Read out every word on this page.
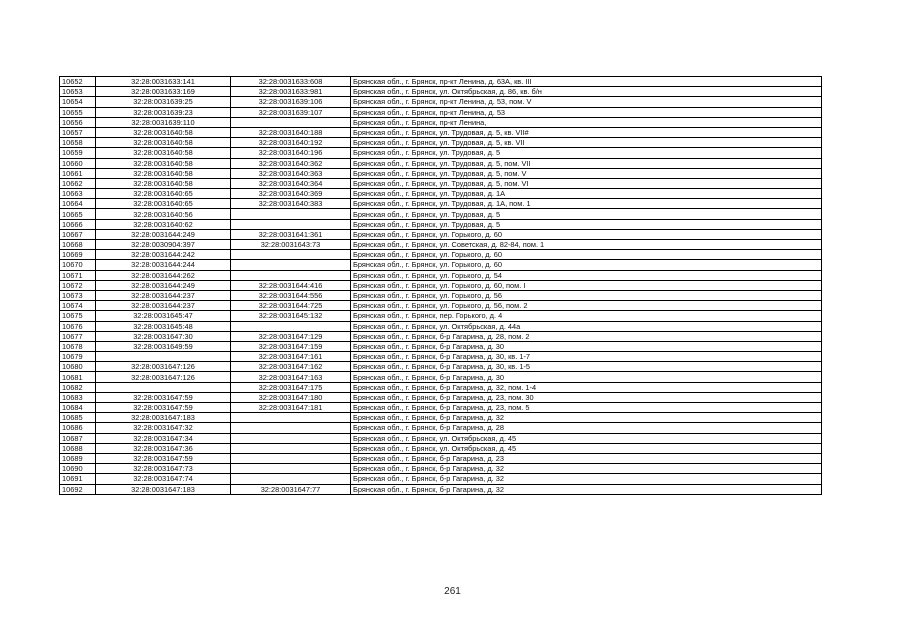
10652	32:28:0031633:141	32:28:0031633:608	Брянская обл., г. Брянск, пр-кт Ленина, д. 63А, кв. III
10653	32:28:0031633:169	32:28:0031633:981	Брянская обл., г. Брянск, ул. Октябрьская, д. 86, кв. б/н
10654	32:28:0031639:25	32:28:0031639:106	Брянская обл., г. Брянск, пр-кт Ленина, д. 53, пом. V
10655	32:28:0031639:23	32:28:0031639:107	Брянская обл., г. Брянск, пр-кт Ленина, д. 53
10656	32:28:0031639:110		Брянская обл., г. Брянск, пр-кт Ленина,
10657	32:28:0031640:58	32:28:0031640:188	Брянская обл., г. Брянск, ул. Трудовая, д. 5, кв. VII#
10658	32:28:0031640:58	32:28:0031640:192	Брянская обл., г. Брянск, ул. Трудовая, д. 5, кв. VII
10659	32:28:0031640:58	32:28:0031640:196	Брянская обл., г. Брянск, ул. Трудовая, д. 5
10660	32:28:0031640:58	32:28:0031640:362	Брянская обл., г. Брянск, ул. Трудовая, д. 5, пом. VII
10661	32:28:0031640:58	32:28:0031640:363	Брянская обл., г. Брянск, ул. Трудовая, д. 5, пом. V
10662	32:28:0031640:58	32:28:0031640:364	Брянская обл., г. Брянск, ул. Трудовая, д. 5, пом. VI
10663	32:28:0031640:65	32:28:0031640:369	Брянская обл., г. Брянск, ул. Трудовая, д. 1А
10664	32:28:0031640:65	32:28:0031640:383	Брянская обл., г. Брянск, ул. Трудовая, д. 1А, пом. 1
10665	32:28:0031640:56		Брянская обл., г. Брянск, ул. Трудовая, д. 5
10666	32:28:0031640:62		Брянская обл., г. Брянск, ул. Трудовая, д. 5
10667	32:28:0031644:249	32:28:0031641:361	Брянская обл., г. Брянск, ул. Горького, д. 60
10668	32:28:0030904:397	32:28:0031643:73	Брянская обл., г. Брянск, ул. Советская, д. 82-84, пом. 1
10669	32:28:0031644:242		Брянская обл., г. Брянск, ул. Горького, д. 60
10670	32:28:0031644:244		Брянская обл., г. Брянск, ул. Горького, д. 60
10671	32:28:0031644:262		Брянская обл., г. Брянск, ул. Горького, д. 54
10672	32:28:0031644:249	32:28:0031644:416	Брянская обл., г. Брянск, ул. Горького, д. 60, пом. I
10673	32:28:0031644:237	32:28:0031644:556	Брянская обл., г. Брянск, ул. Горького, д. 56
10674	32:28:0031644:237	32:28:0031644:725	Брянская обл., г. Брянск, ул. Горького, д. 56, пом. 2
10675	32:28:0031645:47	32:28:0031645:132	Брянская обл., г. Брянск, пер. Горького, д. 4
10676	32:28:0031645:48		Брянская обл., г. Брянск, ул. Октябрьская, д. 44а
10677	32:28:0031647:30	32:28:0031647:129	Брянская обл., г. Брянск, б-р Гагарина, д. 28, пом. 2
10678	32:28:0031649:59	32:28:0031647:159	Брянская обл., г. Брянск, б-р Гагарина, д. 30
10679		32:28:0031647:161	Брянская обл., г. Брянск, б-р Гагарина, д. 30, кв. 1-7
10680	32:28:0031647:126	32:28:0031647:162	Брянская обл., г. Брянск, б-р Гагарина, д. 30, кв. 1-5
10681	32:28:0031647:126	32:28:0031647:163	Брянская обл., г. Брянск, б-р Гагарина, д. 30
10682		32:28:0031647:175	Брянская обл., г. Брянск, б-р Гагарина, д. 32, пом. 1-4
10683	32:28:0031647:59	32:28:0031647:180	Брянская обл., г. Брянск, б-р Гагарина, д. 23, пом. 30
10684	32:28:0031647:59	32:28:0031647:181	Брянская обл., г. Брянск, б-р Гагарина, д. 23, пом. 5
10685	32:28:0031647:183		Брянская обл., г. Брянск, б-р Гагарина, д. 32
10686	32:28:0031647:32		Брянская обл., г. Брянск, б-р Гагарина, д. 28
10687	32:28:0031647:34		Брянская обл., г. Брянск, ул. Октябрьская, д. 45
10688	32:28:0031647:36		Брянская обл., г. Брянск, ул. Октябрьская, д. 45
10689	32:28:0031647:59		Брянская обл., г. Брянск, б-р Гагарина, д. 23
10690	32:28:0031647:73		Брянская обл., г. Брянск, б-р Гагарина, д. 32
10691	32:28:0031647:74		Брянская обл., г. Брянск, б-р Гагарина, д. 32
10692	32:28:0031647:183	32:28:0031647:77	Брянская обл., г. Брянск, б-р Гагарина, д. 32
261
